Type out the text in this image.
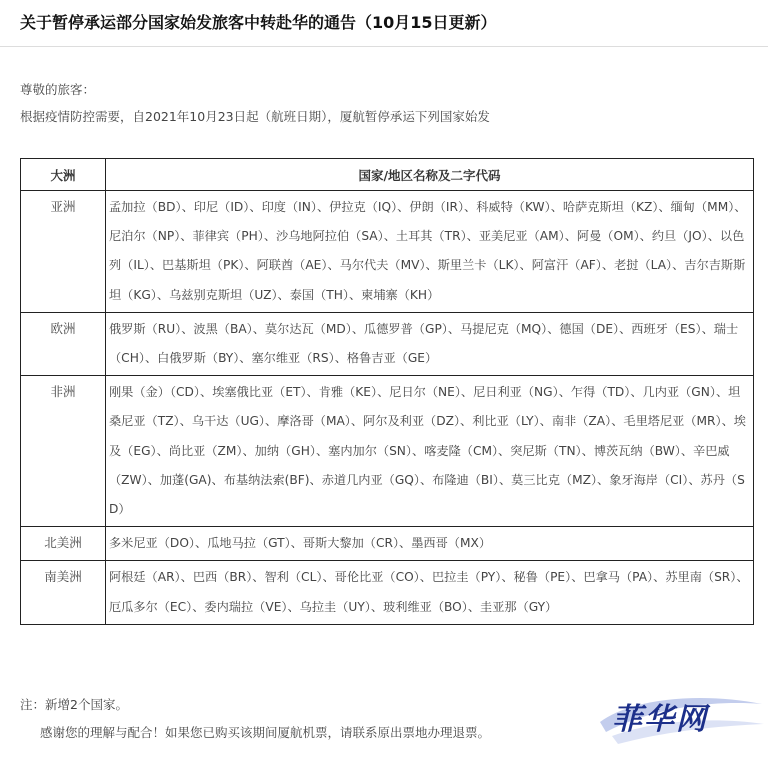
关于暂停承运部分国家始发旅客中转赴华的通告（10月15日更新）
尊敬的旅客：
根据疫情防控需要，自2021年10月23日起（航班日期），厦航暂停承运下列国家始发
大洲	国家/地区名称及二字代码
亚洲	孟加拉（BD）、印尼（ID）、印度（IN）、伊拉克（IQ）、伊朗（IR）、科威特（KW）、哈萨克斯坦（KZ）、缅甸（MM）、尼泊尔（NP）、菲律宾（PH）、沙乌地阿拉伯（SA）、土耳其（TR）、亚美尼亚（AM）、阿曼（OM）、约旦（JO）、以色列（IL）、巴基斯坦（PK）、阿联酋（AE）、马尔代夫（MV）、斯里兰卡（LK）、阿富汗（AF）、老挝（LA）、吉尔吉斯斯坦（KG）、乌兹别克斯坦（UZ）、泰国（TH）、柬埔寨（KH）
欧洲	俄罗斯（RU）、波黑（BA）、莫尔达瓦（MD）、瓜德罗普（GP）、马提尼克（MQ）、德国（DE）、西班牙（ES）、瑞士（CH）、白俄罗斯（BY）、塞尔维亚（RS）、格鲁吉亚（GE）
非洲	刚果（金）（CD）、埃塞俄比亚（ET）、肯雅（KE）、尼日尔（NE）、尼日利亚（NG）、乍得（TD）、几内亚（GN）、坦桑尼亚（TZ）、乌干达（UG）、摩洛哥（MA）、阿尔及利亚（DZ）、利比亚（LY）、南非（ZA）、毛里塔尼亚（MR）、埃及（EG）、尚比亚（ZM）、加纳（GH）、塞内加尔（SN）、喀麦隆（CM）、突尼斯（TN）、博茨瓦纳（BW）、辛巴威（ZW）、加蓬(GA)、布基纳法索(BF)、赤道几内亚（GQ）、布隆迪（BI）、莫三比克（MZ）、象牙海岸（CI）、苏丹（SD）
北美洲	多米尼亚（DO）、瓜地马拉（GT）、哥斯大黎加（CR）、墨西哥（MX）
南美洲	阿根廷（AR）、巴西（BR）、智利（CL）、哥伦比亚（CO）、巴拉圭（PY）、秘鲁（PE）、巴拿马（PA）、苏里南（SR）、厄瓜多尔（EC）、委内瑞拉（VE）、乌拉圭（UY）、玻利维亚（BO）、圭亚那（GY）
注：新增2个国家。
感谢您的理解与配合！如果您已购买该期间厦航机票，请联系原出票地办理退票。	菲华网
